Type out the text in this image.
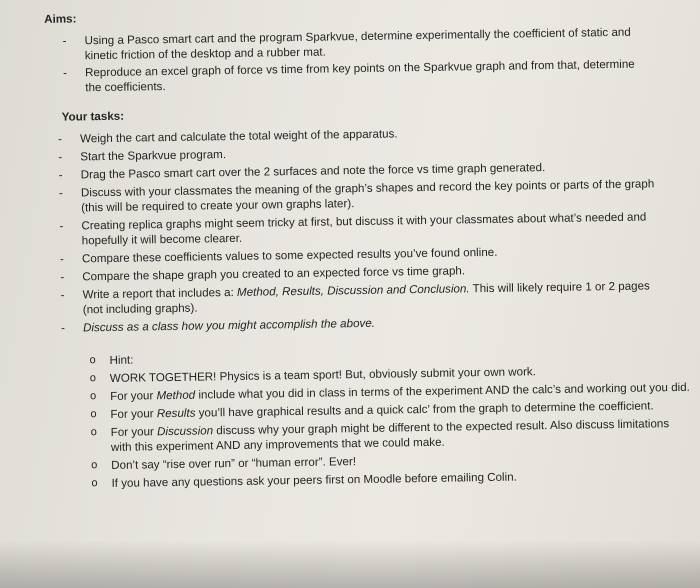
Aims:
- Using a Pasco smart cart and the program Sparkvue, determine experimentally the coefficient of static and kinetic friction of the desktop and a rubber mat.
- Reproduce an excel graph of force vs time from key points on the Sparkvue graph and from that, determine the coefficients.
Your tasks:
- Weigh the cart and calculate the total weight of the apparatus.
- Start the Sparkvue program.
- Drag the Pasco smart cart over the 2 surfaces and note the force vs time graph generated.
- Discuss with your classmates the meaning of the graph’s shapes and record the key points or parts of the graph (this will be required to create your own graphs later).
- Creating replica graphs might seem tricky at first, but discuss it with your classmates about what’s needed and hopefully it will become clearer.
- Compare these coefficients values to some expected results you’ve found online.
- Compare the shape graph you created to an expected force vs time graph.
- Write a report that includes a: Method, Results, Discussion and Conclusion. This will likely require 1 or 2 pages (not including graphs).
- Discuss as a class how you might accomplish the above.
o Hint:
o WORK TOGETHER! Physics is a team sport! But, obviously submit your own work.
o For your Method include what you did in class in terms of the experiment AND the calc’s and working out you did.
o For your Results you’ll have graphical results and a quick calc’ from the graph to determine the coefficient.
o For your Discussion discuss why your graph might be different to the expected result. Also discuss limitations with this experiment AND any improvements that we could make.
o Don’t say “rise over run” or “human error”. Ever!
o If you have any questions ask your peers first on Moodle before emailing Colin.
